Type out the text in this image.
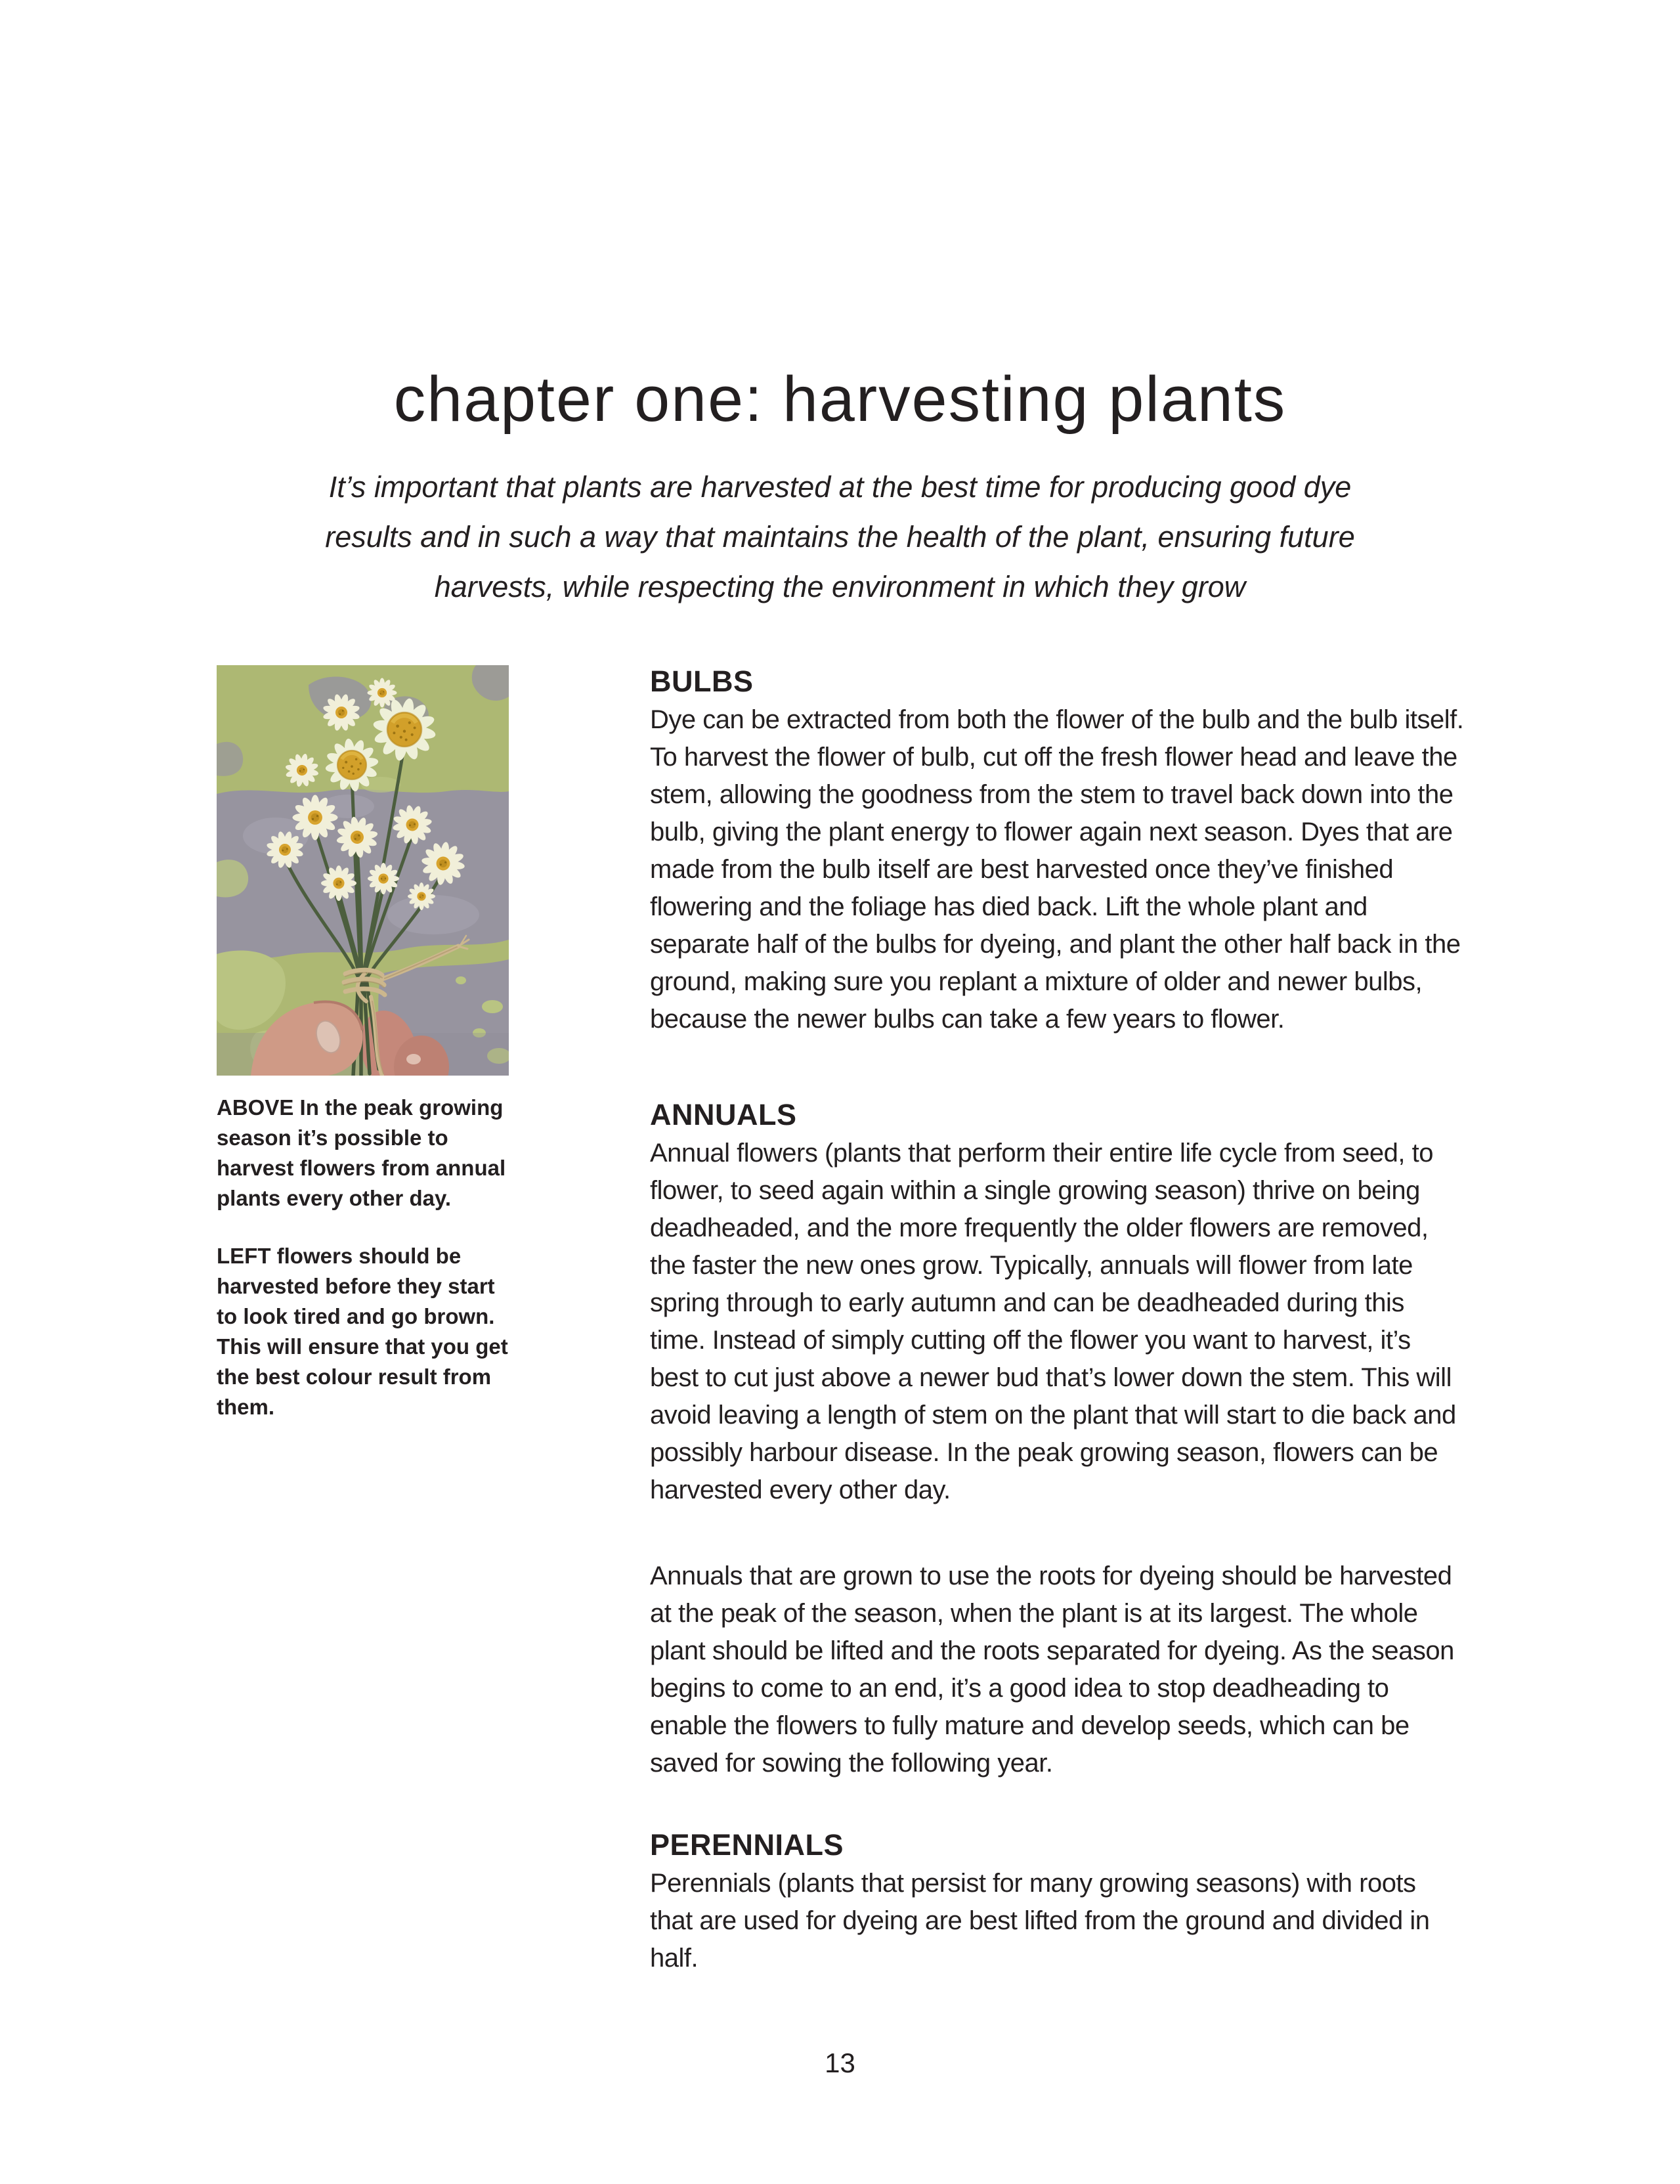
chapter one: harvesting plants
It’s important that plants are harvested at the best time for producing good dye
results and in such a way that maintains the health of the plant, ensuring future
harvests, while respecting the environment in which they grow

ABOVE In the peak growing season it’s possible to harvest flowers from annual plants every other day.

LEFT flowers should be harvested before they start to look tired and go brown. This will ensure that you get the best colour result from them.

BULBS

Dye can be extracted from both the flower of the bulb and the bulb itself. To harvest the flower of bulb, cut off the fresh flower head and leave the stem, allowing the goodness from the stem to travel back down into the bulb, giving the plant energy to flower again next season. Dyes that are made from the bulb itself are best harvested once they’ve finished flowering and the foliage has died back. Lift the whole plant and separate half of the bulbs for dyeing, and plant the other half back in the ground, making sure you replant a mixture of older and newer bulbs, because the newer bulbs can take a few years to flower.

ANNUALS

Annual flowers (plants that perform their entire life cycle from seed, to flower, to seed again within a single growing season) thrive on being deadheaded, and the more frequently the older flowers are removed, the faster the new ones grow. Typically, annuals will flower from late spring through to early autumn and can be deadheaded during this time. Instead of simply cutting off the flower you want to harvest, it’s best to cut just above a newer bud that’s lower down the stem. This will avoid leaving a length of stem on the plant that will start to die back and possibly harbour disease. In the peak growing season, flowers can be harvested every other day.

Annuals that are grown to use the roots for dyeing should be harvested at the peak of the season, when the plant is at its largest. The whole plant should be lifted and the roots separated for dyeing. As the season begins to come to an end, it’s a good idea to stop deadheading to enable the flowers to fully mature and develop seeds, which can be saved for sowing the following year.

PERENNIALS

Perennials (plants that persist for many growing seasons) with roots that are used for dyeing are best lifted from the ground and divided in half.

13
